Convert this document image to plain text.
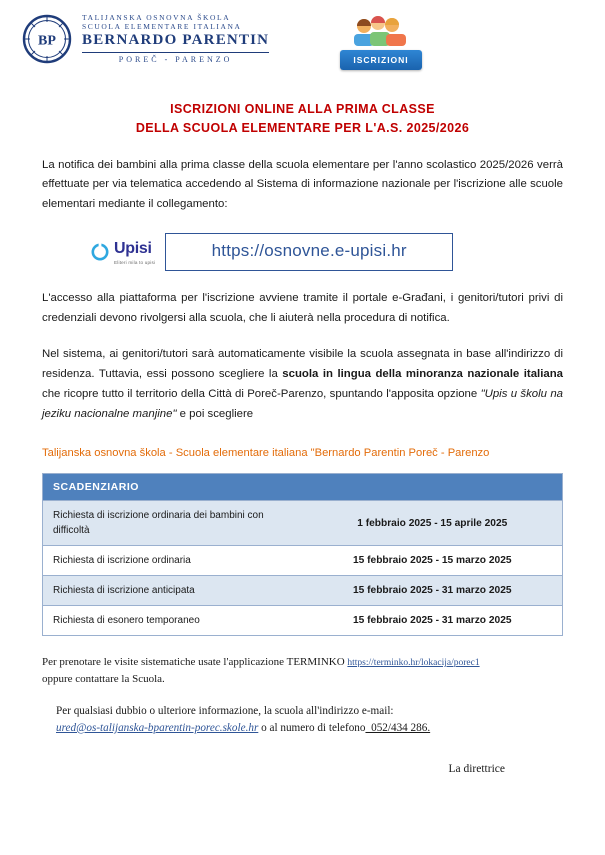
BP
TALIJANSKA OSNOVNA ŠKOLA
SCUOLA ELEMENTARE ITALIANA
BERNARDO PARENTIN
POREČ - PARENZO	ISCRIZIONI
ISCRIZIONI ONLINE ALLA PRIMA CLASSE
DELLA SCUOLA ELEMENTARE PER L'A.S. 2025/2026

La notifica dei bambini alla prima classe della scuola elementare per l'anno scolastico 2025/2026 verrà effettuate per via telematica accedendo al Sistema di informazione nazionale per l'iscrizione alle scuole elementari mediante il collegamento:

Upisi
Eliteri mila to upisi
https://osnovne.e-upisi.hr

L'accesso alla piattaforma per l'iscrizione avviene tramite il portale e-Građani, i genitori/tutori privi di credenziali devono rivolgersi alla scuola, che li aiuterà nella procedura di notifica.

Nel sistema, ai genitori/tutori sarà automaticamente visibile la scuola assegnata in base all'indirizzo di residenza. Tuttavia, essi possono scegliere la scuola in lingua della minoranza nazionale italiana che ricopre tutto il territorio della Città di Poreč-Parenzo, spuntando l'apposita opzione "Upis u školu na jeziku nacionalne manjine" e poi scegliere

Talijanska osnovna škola - Scuola elementare italiana "Bernardo Parentin Poreč - Parenzo
SCADENZIARIO	
Richiesta di iscrizione ordinaria dei bambini con difficoltà	1 febbraio 2025 - 15 aprile 2025
Richiesta di iscrizione ordinaria	15 febbraio 2025 - 15 marzo 2025
Richiesta di iscrizione anticipata	15 febbraio 2025 - 31 marzo 2025
Richiesta di esonero temporaneo	15 febbraio 2025 - 31 marzo 2025

Per prenotare le visite sistematiche usate l'applicazione TERMINKO https://terminko.hr/lokacija/porec1
oppure contattare la Scuola.

Per qualsiasi dubbio o ulteriore informazione, la scuola all'indirizzo e-mail:

ured@os-talijanska-bparentin-porec.skole.hr o al numero di telefono_052/434 286.

La direttrice
